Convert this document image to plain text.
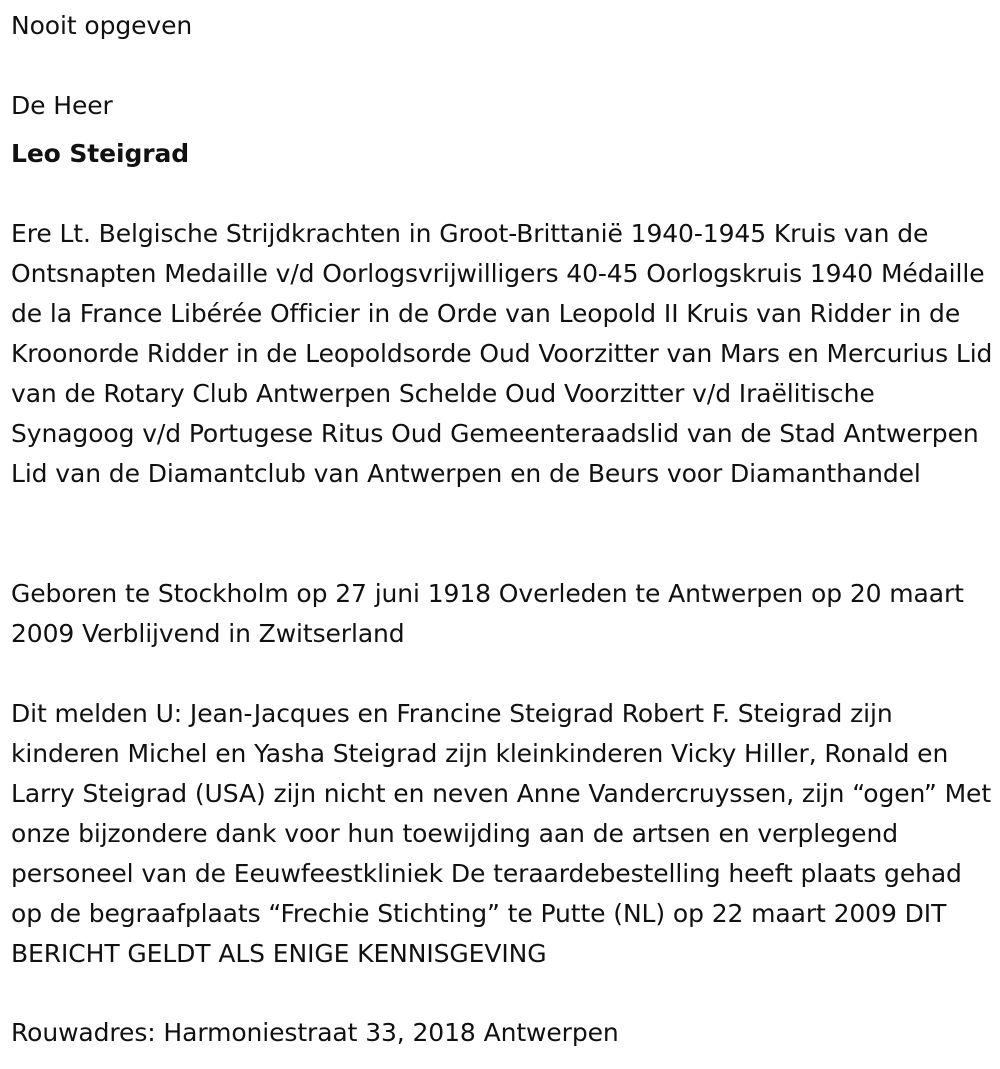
Nooit opgeven
De Heer
Leo Steigrad

Ere Lt. Belgische Strijdkrachten in Groot-Brittanië 1940-1945 Kruis van de Ontsnapten Medaille v/d Oorlogsvrijwilligers 40-45 Oorlogskruis 1940 Médaille de la France Libérée Officier in de Orde van Leopold II Kruis van Ridder in de Kroonorde Ridder in de Leopoldsorde Oud Voorzitter van Mars en Mercurius Lid van de Rotary Club Antwerpen Schelde Oud Voorzitter v/d Iraëlitische Synagoog v/d Portugese Ritus Oud Gemeenteraadslid van de Stad Antwerpen Lid van de Diamantclub van Antwerpen en de Beurs voor Diamanthandel

Geboren te Stockholm op 27 juni 1918 Overleden te Antwerpen op 20 maart 2009 Verblijvend in Zwitserland

Dit melden U: Jean-Jacques en Francine Steigrad Robert F. Steigrad zijn kinderen Michel en Yasha Steigrad zijn kleinkinderen Vicky Hiller, Ronald en Larry Steigrad (USA) zijn nicht en neven Anne Vandercruyssen, zijn “ogen” Met onze bijzondere dank voor hun toewijding aan de artsen en verplegend personeel van de Eeuwfeestkliniek De teraardebestelling heeft plaats gehad op de begraafplaats “Frechie Stichting” te Putte (NL) op 22 maart 2009 DIT BERICHT GELDT ALS ENIGE KENNISGEVING

Rouwadres: Harmoniestraat 33, 2018 Antwerpen
